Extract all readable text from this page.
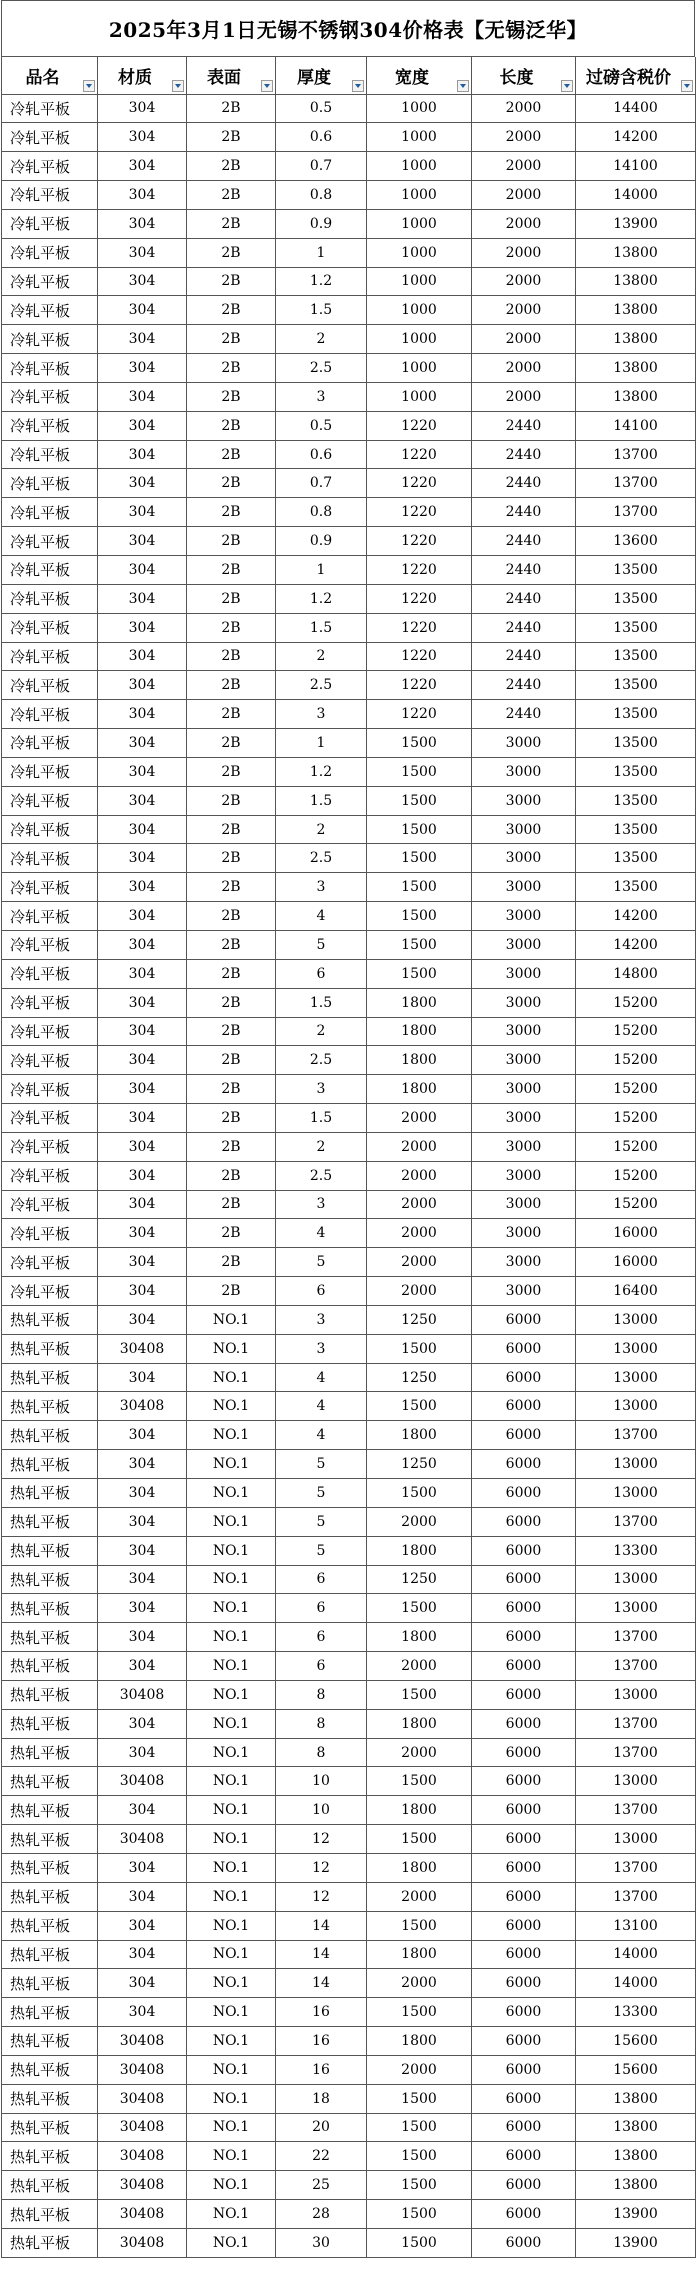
2025年3月1日无锡不锈钢304价格表【无锡泛华】
品名	材质	表面	厚度	宽度	长度	过磅含税价

冷轧平板	304	2B	0.5	1000	2000	14400
冷轧平板	304	2B	0.6	1000	2000	14200
冷轧平板	304	2B	0.7	1000	2000	14100
冷轧平板	304	2B	0.8	1000	2000	14000
冷轧平板	304	2B	0.9	1000	2000	13900
冷轧平板	304	2B	1	1000	2000	13800
冷轧平板	304	2B	1.2	1000	2000	13800
冷轧平板	304	2B	1.5	1000	2000	13800
冷轧平板	304	2B	2	1000	2000	13800
冷轧平板	304	2B	2.5	1000	2000	13800
冷轧平板	304	2B	3	1000	2000	13800
冷轧平板	304	2B	0.5	1220	2440	14100
冷轧平板	304	2B	0.6	1220	2440	13700
冷轧平板	304	2B	0.7	1220	2440	13700
冷轧平板	304	2B	0.8	1220	2440	13700
冷轧平板	304	2B	0.9	1220	2440	13600
冷轧平板	304	2B	1	1220	2440	13500
冷轧平板	304	2B	1.2	1220	2440	13500
冷轧平板	304	2B	1.5	1220	2440	13500
冷轧平板	304	2B	2	1220	2440	13500
冷轧平板	304	2B	2.5	1220	2440	13500
冷轧平板	304	2B	3	1220	2440	13500
冷轧平板	304	2B	1	1500	3000	13500
冷轧平板	304	2B	1.2	1500	3000	13500
冷轧平板	304	2B	1.5	1500	3000	13500
冷轧平板	304	2B	2	1500	3000	13500
冷轧平板	304	2B	2.5	1500	3000	13500
冷轧平板	304	2B	3	1500	3000	13500
冷轧平板	304	2B	4	1500	3000	14200
冷轧平板	304	2B	5	1500	3000	14200
冷轧平板	304	2B	6	1500	3000	14800
冷轧平板	304	2B	1.5	1800	3000	15200
冷轧平板	304	2B	2	1800	3000	15200
冷轧平板	304	2B	2.5	1800	3000	15200
冷轧平板	304	2B	3	1800	3000	15200
冷轧平板	304	2B	1.5	2000	3000	15200
冷轧平板	304	2B	2	2000	3000	15200
冷轧平板	304	2B	2.5	2000	3000	15200
冷轧平板	304	2B	3	2000	3000	15200
冷轧平板	304	2B	4	2000	3000	16000
冷轧平板	304	2B	5	2000	3000	16000
冷轧平板	304	2B	6	2000	3000	16400
热轧平板	304	NO.1	3	1250	6000	13000
热轧平板	30408	NO.1	3	1500	6000	13000
热轧平板	304	NO.1	4	1250	6000	13000
热轧平板	30408	NO.1	4	1500	6000	13000
热轧平板	304	NO.1	4	1800	6000	13700
热轧平板	304	NO.1	5	1250	6000	13000
热轧平板	304	NO.1	5	1500	6000	13000
热轧平板	304	NO.1	5	2000	6000	13700
热轧平板	304	NO.1	5	1800	6000	13300
热轧平板	304	NO.1	6	1250	6000	13000
热轧平板	304	NO.1	6	1500	6000	13000
热轧平板	304	NO.1	6	1800	6000	13700
热轧平板	304	NO.1	6	2000	6000	13700
热轧平板	30408	NO.1	8	1500	6000	13000
热轧平板	304	NO.1	8	1800	6000	13700
热轧平板	304	NO.1	8	2000	6000	13700
热轧平板	30408	NO.1	10	1500	6000	13000
热轧平板	304	NO.1	10	1800	6000	13700
热轧平板	30408	NO.1	12	1500	6000	13000
热轧平板	304	NO.1	12	1800	6000	13700
热轧平板	304	NO.1	12	2000	6000	13700
热轧平板	304	NO.1	14	1500	6000	13100
热轧平板	304	NO.1	14	1800	6000	14000
热轧平板	304	NO.1	14	2000	6000	14000
热轧平板	304	NO.1	16	1500	6000	13300
热轧平板	30408	NO.1	16	1800	6000	15600
热轧平板	30408	NO.1	16	2000	6000	15600
热轧平板	30408	NO.1	18	1500	6000	13800
热轧平板	30408	NO.1	20	1500	6000	13800
热轧平板	30408	NO.1	22	1500	6000	13800
热轧平板	30408	NO.1	25	1500	6000	13800
热轧平板	30408	NO.1	28	1500	6000	13900
热轧平板	30408	NO.1	30	1500	6000	13900
